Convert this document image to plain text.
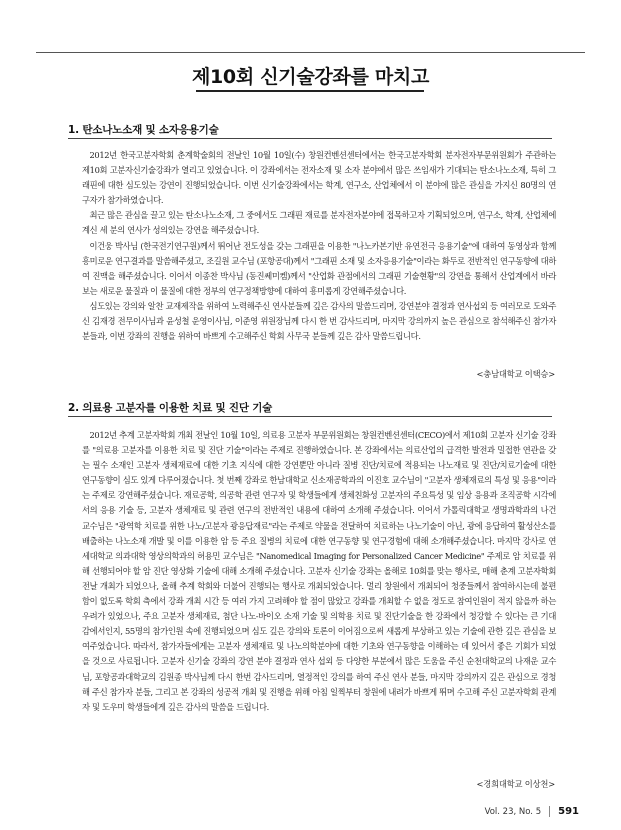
제10회 신기술강좌를 마치고
1. 탄소나노소재 및 소자응용기술

2012년 한국고분자학회 춘계학술회의 전날인 10월 10일(수) 창원컨벤션센터에서는 한국고분자학회 분자전자부문위원회가 주관하는 제10회 고분자신기술강좌가 열리고 있었습니다. 이 강좌에서는 전자소재 및 소자 분야에서 많은 쓰임새가 기대되는 탄소나노소재, 특히 그래핀에 대한 심도있는 강연이 진행되었습니다. 이번 신기술강좌에서는 학계, 연구소, 산업체에서 이 분야에 많은 관심을 가지신 80명의 연구자가 참가하였습니다.

최근 많은 관심을 끌고 있는 탄소나노소재, 그 중에서도 그래핀 재료를 분자전자분야에 접목하고자 기획되었으며, 연구소, 학계, 산업체에 계신 세 분의 연사가 성의있는 강연을 해주셨습니다.

이건웅 박사님 (한국전기연구원)께서 뛰어난 전도성을 갖는 그래핀을 이용한 "나노카본기반 유연전극 응용기술"에 대하여 동영상과 함께 흥미로운 연구결과를 말씀해주셨고, 조길원 교수님 (포항공대)께서 "그래핀 소재 및 소자응용기술"이라는 화두로 전반적인 연구동향에 대하여 진맥을 해주셨습니다. 이어서 이종찬 박사님 (동진쎄미켐)께서 "산업화 관점에서의 그래핀 기술현황"의 강연을 통해서 산업계에서 바라보는 새로운 물질과 이 물질에 대한 정부의 연구정책방향에 대하여 흥미롭게 강연해주셨습니다.

심도있는 강의와 알찬 교재제작을 위하여 노력해주신 연사분들께 깊은 감사의 말씀드리며, 강연분야 결정과 연사섭외 등 여러모로 도와주신 김재경 전무이사님과 윤성철 운영이사님, 이준영 위원장님께 다시 한 번 감사드리며, 마지막 강의까지 높은 관심으로 참석해주신 참가자 분들과, 이번 강좌의 진행을 위하여 바쁘게 수고해주신 학회 사무국 분들께 깊은 감사 말씀드립니다.

<충남대학교 이택승>
2. 의료용 고분자를 이용한 치료 및 진단 기술

2012년 추계 고분자학회 개최 전날인 10월 10일, 의료용 고분자 부문위원회는 창원컨벤션센터(CECO)에서 제10회 고분자 신기술 강좌를 "의료용 고분자를 이용한 치료 및 진단 기술"이라는 주제로 진행하였습니다. 본 강좌에서는 의료산업의 급격한 발전과 밀접한 연관을 갖는 필수 소재인 고분자 생체재료에 대한 기초 지식에 대한 강연뿐만 아니라 질병 진단/치료에 적용되는 나노재료 및 진단/치료기술에 대한 연구동향이 심도 있게 다루어졌습니다. 첫 번째 강좌로 한남대학교 신소재공학과의 이진호 교수님이 "고분자 생체재료의 특성 및 응용"이라는 주제로 강연해주셨습니다. 재료공학, 의공학 관련 연구자 및 학생들에게 생체친화성 고분자의 주요특성 및 임상 응용과 조직공학 시각에서의 응용 기술 등, 고분자 생체재료 및 관련 연구의 전반적인 내용에 대하여 소개해 주셨습니다. 이어서 가톨릭대학교 생명과학과의 나건 교수님은 "광역학 치료를 위한 나노/고분자 광응답재료"라는 주제로 약물을 전달하여 치료하는 나노기술이 아닌, 광에 응답하여 활성산소를 배출하는 나노소재 개발 및 이를 이용한 암 등 주요 질병의 치료에 대한 연구동향 및 연구경험에 대해 소개해주셨습니다. 마지막 강사로 연세대학교 의과대학 영상의학과의 허용민 교수님은 "Nanomedical Imaging for Personalized Cancer Medicine" 주제로 암 치료를 위해 선행되어야 할 암 진단 영상화 기술에 대해 소개해 주셨습니다. 고분자 신기술 강좌는 올해로 10회를 맞는 행사로, 매해 춘계 고분자학회 전날 개최가 되었으나, 올해 추계 학회와 더불어 진행되는 행사로 개최되었습니다. 멀리 창원에서 개최되어 청중들께서 참여하시는데 불편함이 없도록 학회 측에서 강좌 개최 시간 등 여러 가지 고려해야 할 점이 많았고 강좌를 개최할 수 없을 정도로 참여인원이 적지 않을까 하는 우려가 있었으나, 주요 고분자 생체재료, 첨단 나노-바이오 소재 기술 및 의학용 치료 및 진단기술을 한 강좌에서 청강할 수 있다는 큰 기대감에서인지, 55명의 참가인원 속에 진행되었으며 심도 깊은 강의와 토론이 이어짐으로써 새롭게 부상하고 있는 기술에 관한 깊은 관심을 보여주었습니다. 따라서, 참가자들에게는 고분자 생체재료 및 나노의학분야에 대한 기초와 연구동향을 이해하는 데 있어서 좋은 기회가 되었을 것으로 사료됩니다. 고분자 신기술 강좌의 강연 분야 결정과 연사 섭외 등 다양한 부분에서 많은 도움을 주신 순천대학교의 나재운 교수님, 포항공과대학교의 김원종 박사님께 다시 한번 감사드리며, 열정적인 강의를 하여 주신 연사 분들, 마지막 강의까지 깊은 관심으로 경청해 주신 참가자 분들, 그리고 본 강좌의 성공적 개최 및 진행을 위해 아침 일찍부터 창원에 내려가 바쁘게 뛰며 수고해 주신 고분자학회 관계자 및 도우미 학생들에게 깊은 감사의 말씀을 드립니다.

<경희대학교 이상천>
Vol. 23, No. 5 591
